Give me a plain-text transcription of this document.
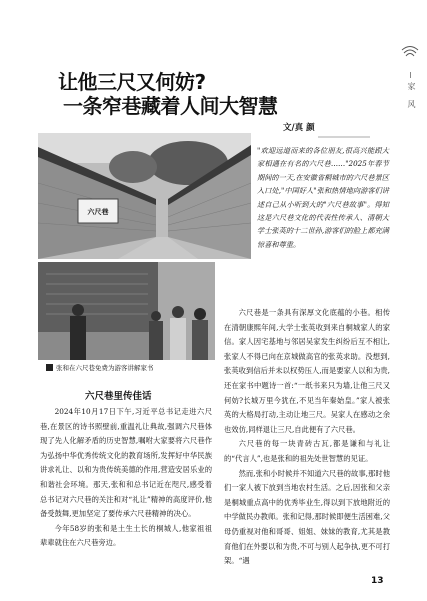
让他三尺又何妨?
一条窄巷藏着人间大智慧
文/真 颜
家风
六尺巷
张和在六尺巷免费为游客讲解家书
"欢迎远道而来的各位朋友,很高兴能跟大家相遇在有名的六尺巷……"2025年春节期间的一天,在安徽省桐城市的六尺巷景区入口处,"中国好人"张和热情地向游客们讲述自己从小听到大的"六尺巷故事"。得知这是六尺巷文化的代表性传承人、清朝大学士张英的十二世孙,游客们的脸上都充满惊喜和尊重。
六尺巷里传佳话

2024年10月17日下午,习近平总书记走进六尺巷,在景区的诗书照壁前,重温礼让典故,强调六尺巷体现了先人化解矛盾的历史智慧,嘱咐大家要将六尺巷作为弘扬中华优秀传统文化的教育场所,发挥好中华民族讲求礼让、以和为贵传统美德的作用,营造安居乐业的和谐社会环境。那天,张和和总书记近在咫尺,感受着总书记对六尺巷的关注和对“礼让”精神的高度评价,他备受鼓舞,更加坚定了要传承六尺巷精神的决心。

今年58岁的张和是土生土长的桐城人,他家祖祖辈辈就住在六尺巷旁边。

六尺巷是一条具有深厚文化底蕴的小巷。相传在清朝康熙年间,大学士张英收到来自桐城家人的家信。家人因宅基地与邻居吴家发生纠纷后互不相让,张家人不得已向在京城做高官的张英求助。没想到,张英收到信后并未以权势压人,而是要家人以和为贵,还在家书中题诗一首:“一纸书来只为墙,让他三尺又何妨?长城万里今犹在,不见当年秦始皇。”家人被张英的大格局打动,主动让地三尺。吴家人在感动之余也效仿,同样退让三尺,自此便有了六尺巷。

六尺巷的每一块青砖古瓦,都是谦和与礼让的“代言人”,也是张和的祖先处世智慧的见证。

然而,张和小时候并不知道六尺巷的故事,那时他们一家人被下放到当地农村生活。之后,因张和父亲是桐城重点高中的优秀毕业生,得以到下放地附近的中学做民办教师。张和记得,那时候即便生活困难,父母仍重视对他和哥哥、姐姐、妹妹的教育,尤其是教育他们在外要以和为贵,不可与别人起争执,更不可打架。“遇

13
